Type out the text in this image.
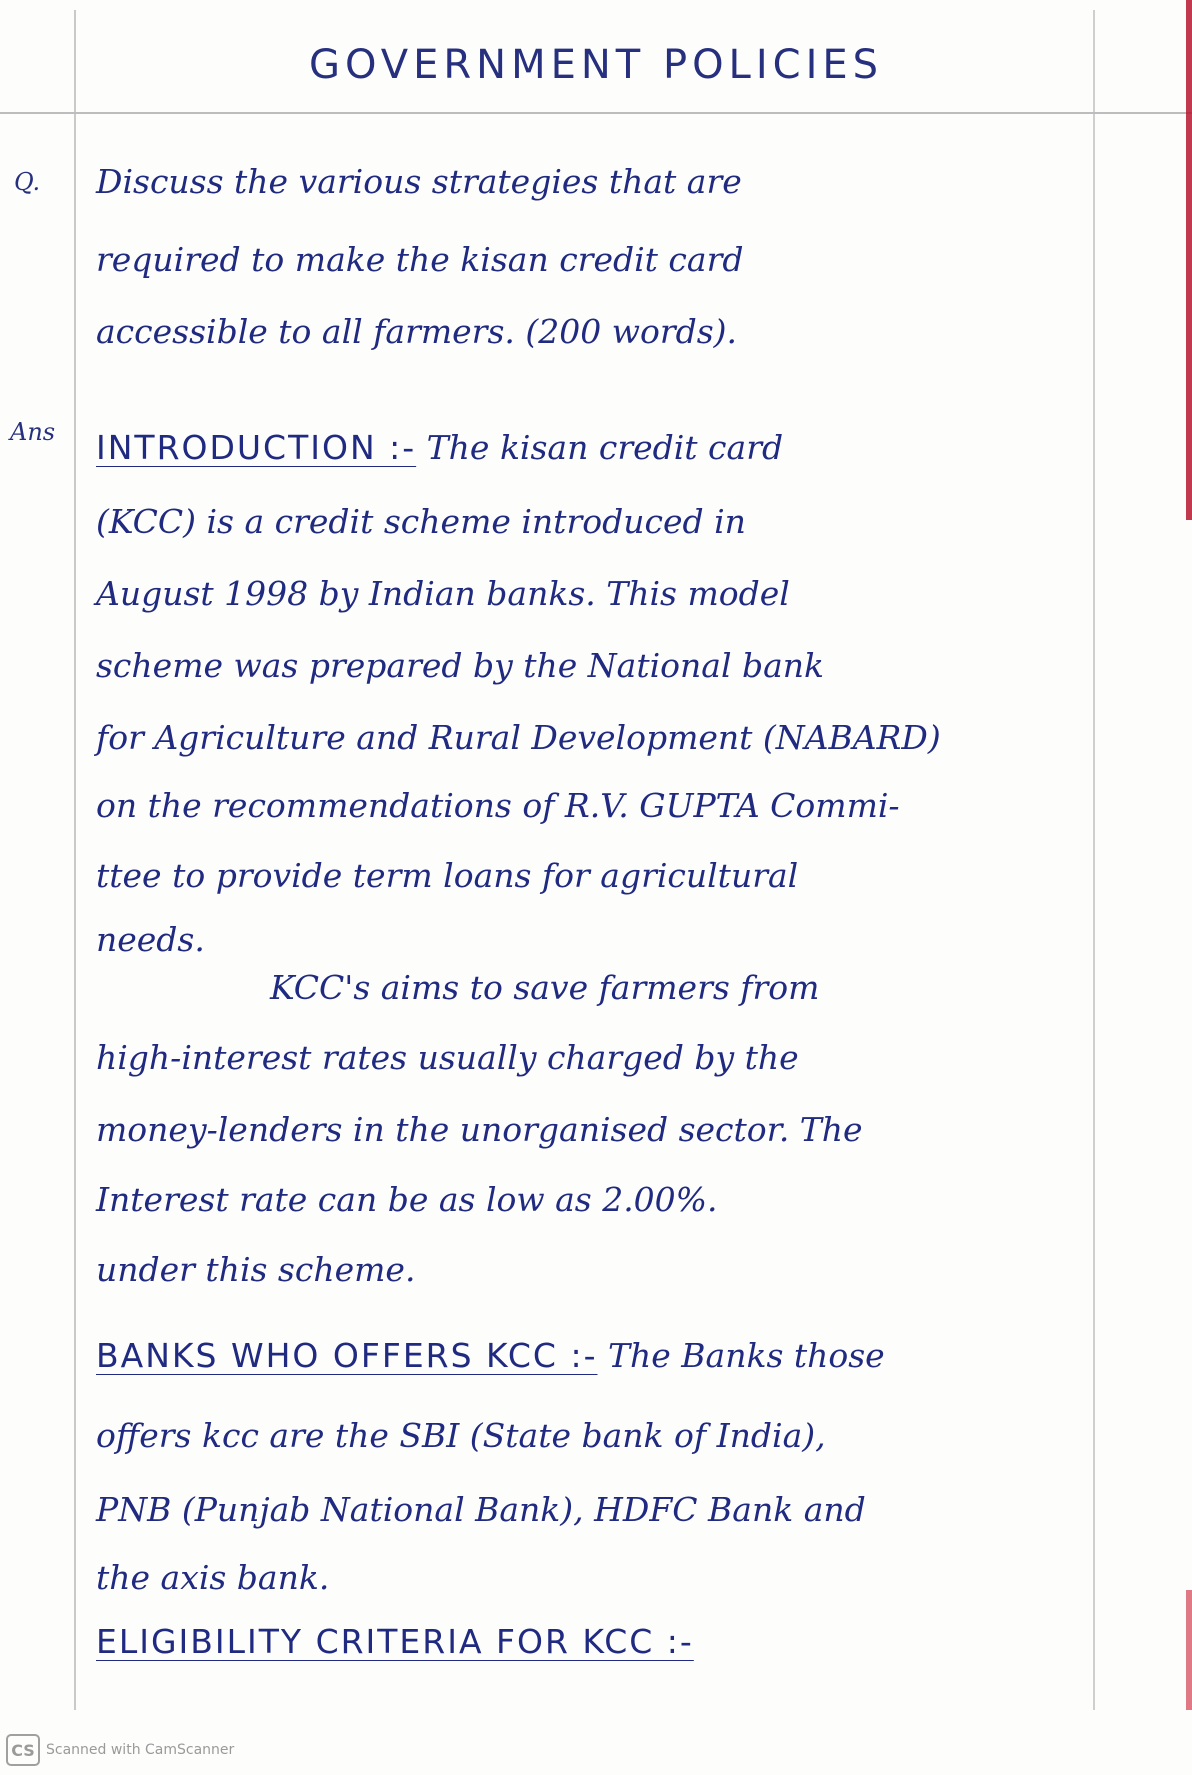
GOVERNMENT POLICIES
Q. Discuss the various strategies that are
required to make the kisan credit card
accessible to all farmers. (200 words).
Ans INTRODUCTION :- The kisan credit card
(KCC) is a credit scheme introduced in
August 1998 by Indian banks. This model
scheme was prepared by the National bank
for Agriculture and Rural Development (NABARD)
on the recommendations of R.V. GUPTA Commi-
ttee to provide term loans for agricultural
needs.
KCC's aims to save farmers from
high-interest rates usually charged by the
money-lenders in the unorganised sector. The
Interest rate can be as low as 2.00%.
under this scheme.
BANKS WHO OFFERS KCC :- The Banks those
offers kcc are the SBI (State bank of India),
PNB (Punjab National Bank), HDFC Bank and
the axis bank.
ELIGIBILITY CRITERIA FOR KCC :-
CS Scanned with CamScanner
